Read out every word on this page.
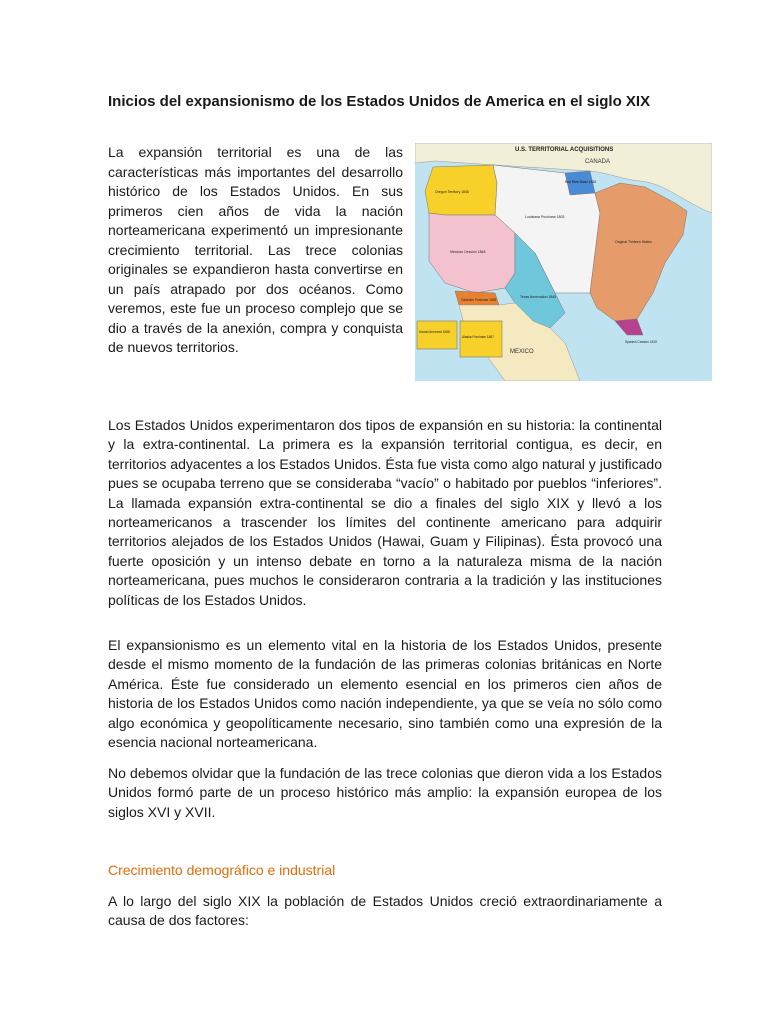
Inicios del expansionismo de los Estados Unidos de America en el siglo XIX

La expansión territorial es una de las características más importantes del desarrollo histórico de los Estados Unidos. En sus primeros cien años de vida la nación norteamericana experimentó un impresionante crecimiento territorial. Las trece colonias originales se expandieron hasta convertirse en un país atrapado por dos océanos. Como veremos, este fue un proceso complejo que se dio a través de la anexión, compra y conquista de nuevos territorios.

U.S. TERRITORIAL ACQUISITIONS
CANADA
MEXICO
Oregon Territory 1846
Louisiana Purchase 1803
Mexican Cession 1848
Texas Annexation 1845
Original Thirteen States
Gadsden Purchase 1853
Alaska Purchase 1867
Hawaii Annexed 1898
Spanish Cession 1819
Red River Basin 1818

Los Estados Unidos experimentaron dos tipos de expansión en su historia: la continental y la extra-continental. La primera es la expansión territorial contigua, es decir, en territorios adyacentes a los Estados Unidos. Ésta fue vista como algo natural y justificado pues se ocupaba terreno que se consideraba “vacío” o habitado por pueblos “inferiores”. La llamada expansión extra-continental se dio a finales del siglo XIX y llevó a los norteamericanos a trascender los límites del continente americano para adquirir territorios alejados de los Estados Unidos (Hawai, Guam y Filipinas). Ésta provocó una fuerte oposición y un intenso debate en torno a la naturaleza misma de la nación norteamericana, pues muchos le consideraron contraria a la tradición y las instituciones políticas de los Estados Unidos.

El expansionismo es un elemento vital en la historia de los Estados Unidos, presente desde el mismo momento de la fundación de las primeras colonias británicas en Norte América. Éste fue considerado un elemento esencial en los primeros cien años de historia de los Estados Unidos como nación independiente, ya que se veía no sólo como algo económica y geopolíticamente necesario, sino también como una expresión de la esencia nacional norteamericana.

No debemos olvidar que la fundación de las trece colonias que dieron vida a los Estados Unidos formó parte de un proceso histórico más amplio: la expansión europea de los siglos XVI y XVII.

Crecimiento demográfico e industrial

A lo largo del siglo XIX la población de Estados Unidos creció extraordinariamente a causa de dos factores:
